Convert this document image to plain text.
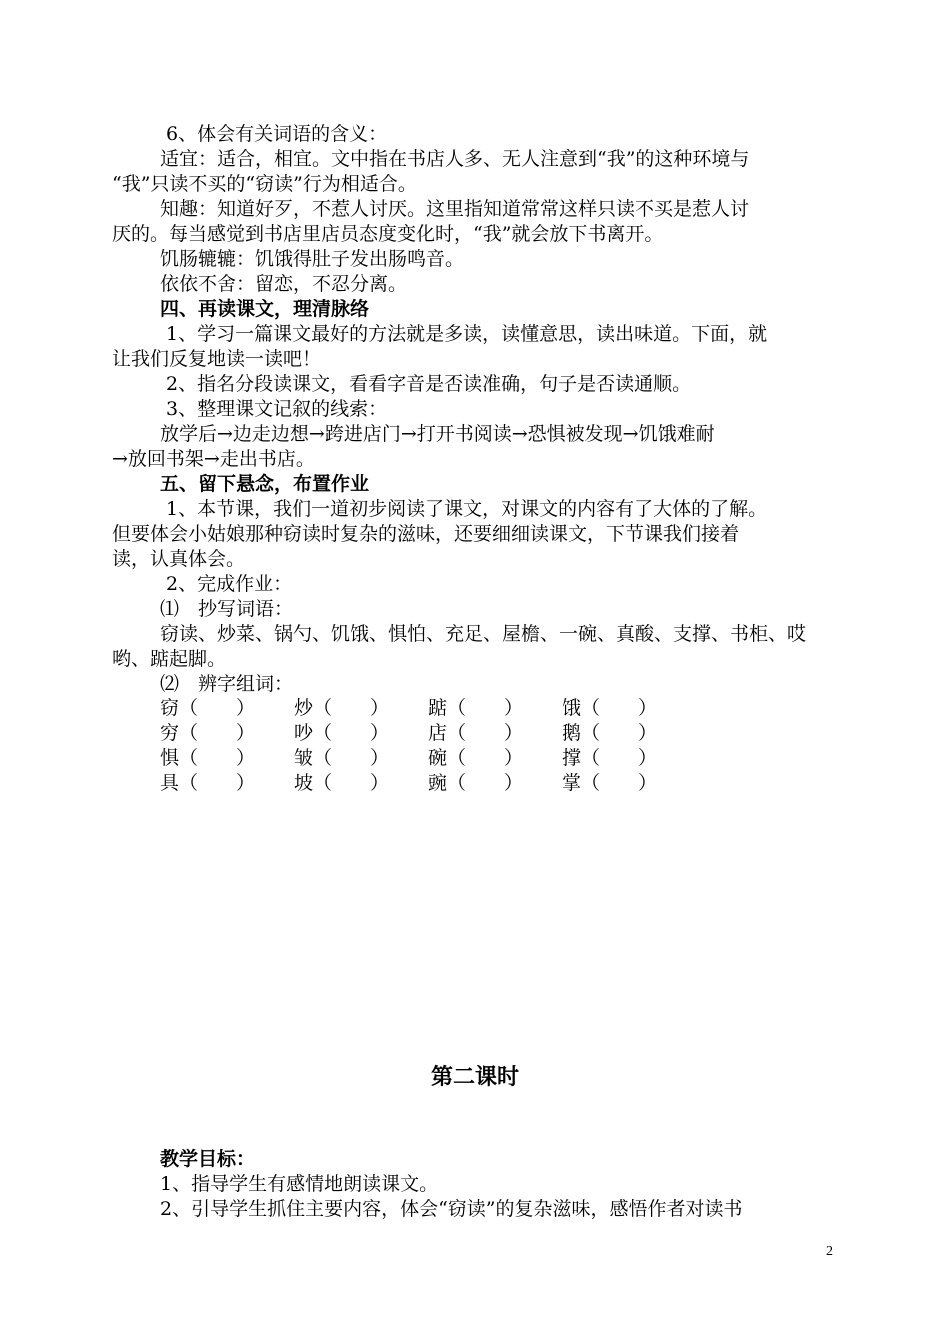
6、体会有关词语的含义：
适宜：适合，相宜。文中指在书店人多、无人注意到“我”的这种环境与
“我”只读不买的“窃读”行为相适合。
知趣：知道好歹，不惹人讨厌。这里指知道常常这样只读不买是惹人讨
厌的。每当感觉到书店里店员态度变化时，“我”就会放下书离开。
饥肠辘辘：饥饿得肚子发出肠鸣音。
依依不舍：留恋，不忍分离。
四、再读课文，理清脉络
1、学习一篇课文最好的方法就是多读，读懂意思，读出味道。下面，就
让我们反复地读一读吧！
2、指名分段读课文，看看字音是否读准确，句子是否读通顺。
3、整理课文记叙的线索：
放学后→边走边想→跨进店门→打开书阅读→恐惧被发现→饥饿难耐
→放回书架→走出书店。
五、留下悬念，布置作业
1、本节课，我们一道初步阅读了课文，对课文的内容有了大体的了解。
但要体会小姑娘那种窃读时复杂的滋味，还要细细读课文，下节课我们接着
读，认真体会。
2、完成作业：
⑴　抄写词语：
窃读、炒菜、锅勺、饥饿、惧怕、充足、屋檐、一碗、真酸、支撑、书柜、哎
哟、踮起脚。
⑵　辨字组词：
窃（　　） 炒（　　） 踮（　　） 饿（　　）
穷（　　） 吵（　　） 店（　　） 鹅（　　）
惧（　　） 皱（　　） 碗（　　） 撑（　　）
具（　　） 坡（　　） 豌（　　） 掌（　　）
第二课时
教学目标：
1、指导学生有感情地朗读课文。
2、引导学生抓住主要内容，体会“窃读”的复杂滋味，感悟作者对读书
2
